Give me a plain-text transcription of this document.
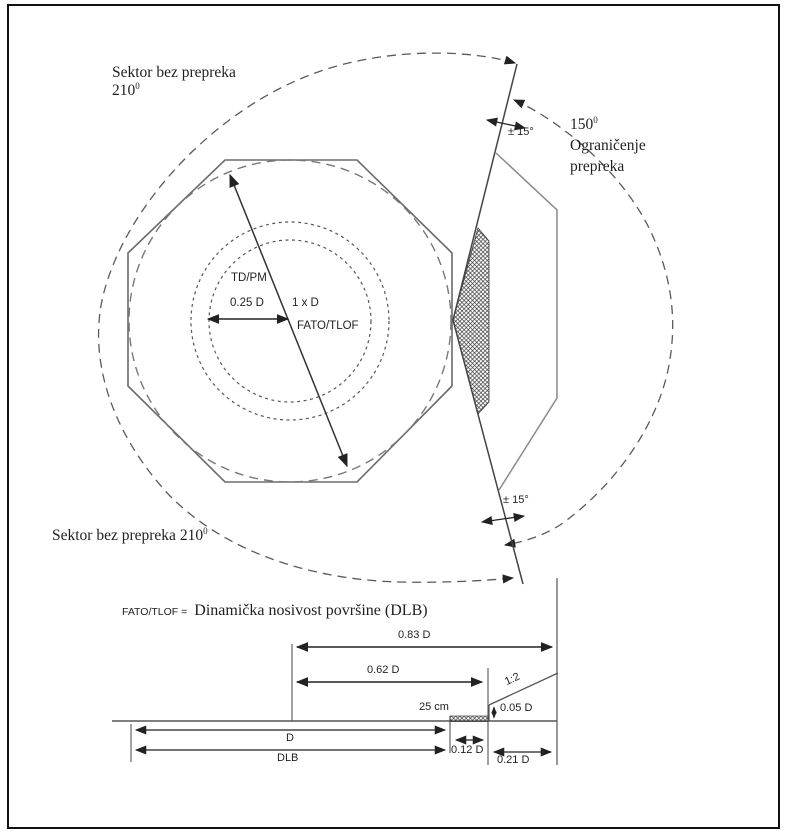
Sektor bez prepreka
$210^0$
$150^0$
Ograničenje
prepreka
± 15°
± 15°
TD/PM
0.25 D 1 x D
FATO/TLOF
Sektor bez prepreka $210^0$
FATO/TLOF = Dinamička nosivost površine (DLB)
0.83 D
0.62 D
25 cm	0.05 D
1:2
D
DLB
0.12 D
0.21 D
